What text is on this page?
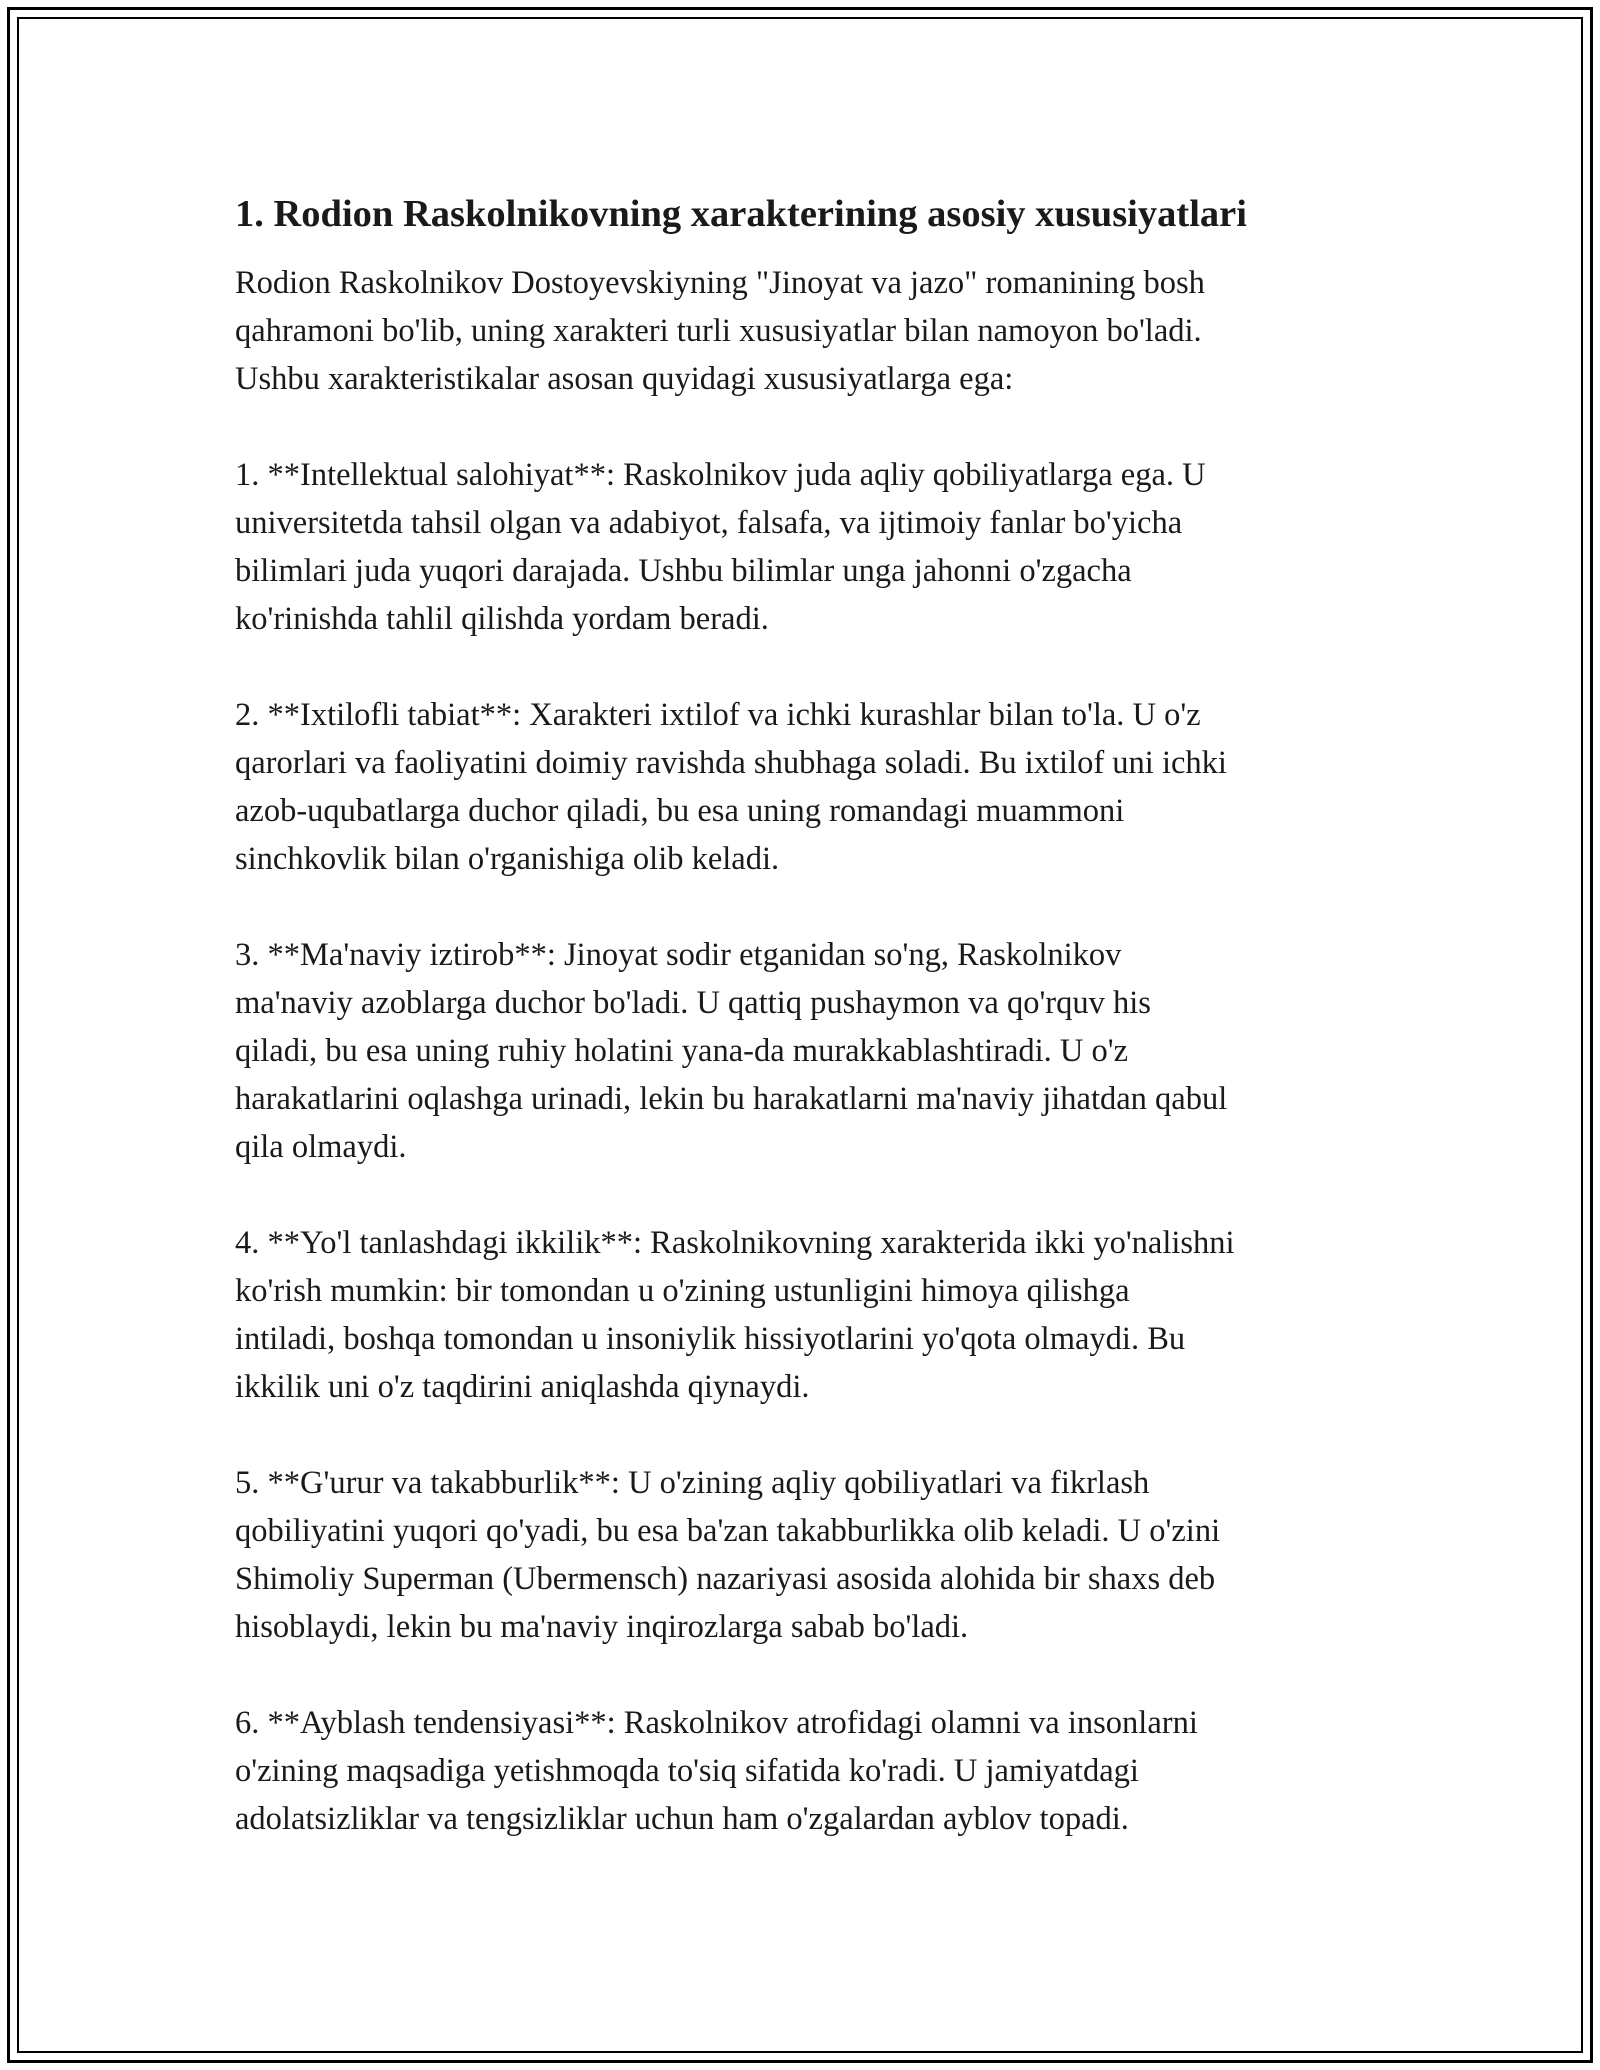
1. Rodion Raskolnikovning xarakterining asosiy xususiyatlari

Rodion Raskolnikov Dostoyevskiyning "Jinoyat va jazo" romanining bosh
qahramoni bo'lib, uning xarakteri turli xususiyatlar bilan namoyon bo'ladi.
Ushbu xarakteristikalar asosan quyidagi xususiyatlarga ega:

1. **Intellektual salohiyat**: Raskolnikov juda aqliy qobiliyatlarga ega. U
universitetda tahsil olgan va adabiyot, falsafa, va ijtimoiy fanlar bo'yicha
bilimlari juda yuqori darajada. Ushbu bilimlar unga jahonni o'zgacha
ko'rinishda tahlil qilishda yordam beradi.

2. **Ixtilofli tabiat**: Xarakteri ixtilof va ichki kurashlar bilan to'la. U o'z
qarorlari va faoliyatini doimiy ravishda shubhaga soladi. Bu ixtilof uni ichki
azob-uqubatlarga duchor qiladi, bu esa uning romandagi muammoni
sinchkovlik bilan o'rganishiga olib keladi.

3. **Ma'naviy iztirob**: Jinoyat sodir etganidan so'ng, Raskolnikov
ma'naviy azoblarga duchor bo'ladi. U qattiq pushaymon va qo'rquv his
qiladi, bu esa uning ruhiy holatini yana-da murakkablashtiradi. U o'z
harakatlarini oqlashga urinadi, lekin bu harakatlarni ma'naviy jihatdan qabul
qila olmaydi.

4. **Yo'l tanlashdagi ikkilik**: Raskolnikovning xarakterida ikki yo'nalishni
ko'rish mumkin: bir tomondan u o'zining ustunligini himoya qilishga
intiladi, boshqa tomondan u insoniylik hissiyotlarini yo'qota olmaydi. Bu
ikkilik uni o'z taqdirini aniqlashda qiynaydi.

5. **G'urur va takabburlik**: U o'zining aqliy qobiliyatlari va fikrlash
qobiliyatini yuqori qo'yadi, bu esa ba'zan takabburlikka olib keladi. U o'zini
Shimoliy Superman (Ubermensch) nazariyasi asosida alohida bir shaxs deb
hisoblaydi, lekin bu ma'naviy inqirozlarga sabab bo'ladi.

6. **Ayblash tendensiyasi**: Raskolnikov atrofidagi olamni va insonlarni
o'zining maqsadiga yetishmoqda to'siq sifatida ko'radi. U jamiyatdagi
adolatsizliklar va tengsizliklar uchun ham o'zgalardan ayblov topadi.
